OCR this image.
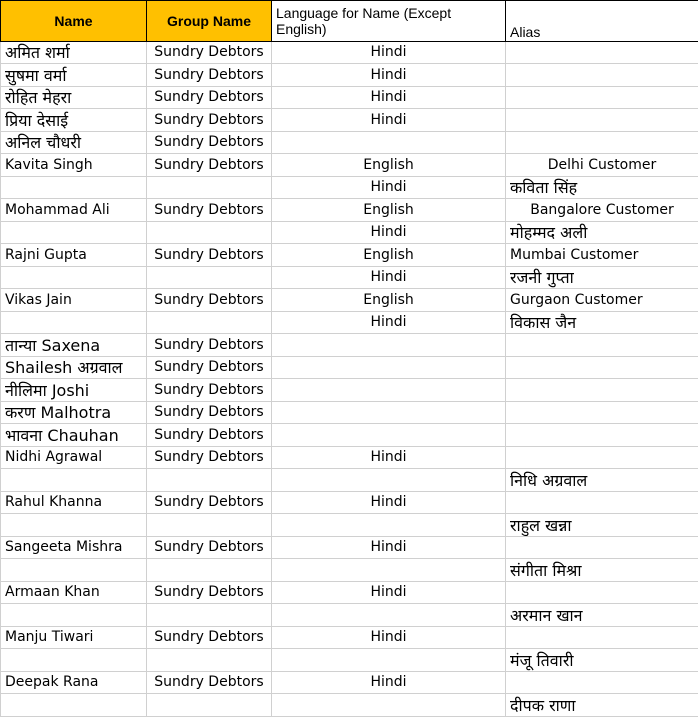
Name	Group Name	Language for Name (Except English)	Alias
अमित शर्मा	Sundry Debtors	Hindi	
सुषमा वर्मा	Sundry Debtors	Hindi	
रोहित मेहरा	Sundry Debtors	Hindi	
प्रिया देसाई	Sundry Debtors	Hindi	
अनिल चौधरी	Sundry Debtors		
Kavita Singh	Sundry Debtors	English	Delhi Customer
		Hindi	कविता सिंह
Mohammad Ali	Sundry Debtors	English	Bangalore Customer
		Hindi	मोहम्मद अली
Rajni Gupta	Sundry Debtors	English	Mumbai Customer
		Hindi	रजनी गुप्ता
Vikas Jain	Sundry Debtors	English	Gurgaon Customer
		Hindi	विकास जैन
तान्या Saxena	Sundry Debtors		
Shailesh अग्रवाल	Sundry Debtors		
नीलिमा Joshi	Sundry Debtors		
करण Malhotra	Sundry Debtors		
भावना Chauhan	Sundry Debtors		
Nidhi Agrawal	Sundry Debtors	Hindi	
			निधि अग्रवाल
Rahul Khanna	Sundry Debtors	Hindi	
			राहुल खन्ना
Sangeeta Mishra	Sundry Debtors	Hindi	
			संगीता मिश्रा
Armaan Khan	Sundry Debtors	Hindi	
			अरमान खान
Manju Tiwari	Sundry Debtors	Hindi	
			मंजू तिवारी
Deepak Rana	Sundry Debtors	Hindi	
			दीपक राणा
